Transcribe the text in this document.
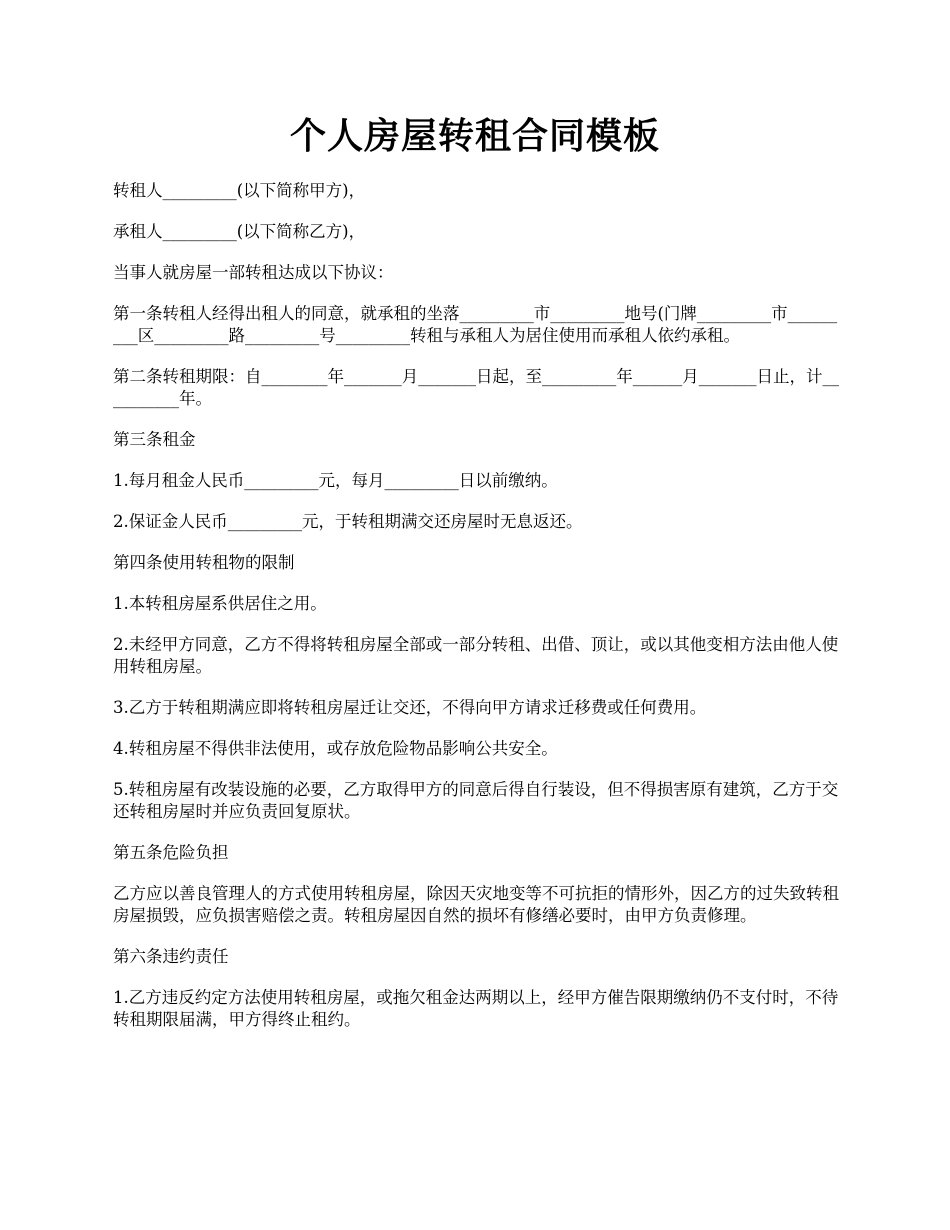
个人房屋转租合同模板

转租人_________(以下简称甲方)，

承租人_________(以下简称乙方)，

当事人就房屋一部转租达成以下协议：

第一条转租人经得出租人的同意，就承租的坐落_________市_________地号(门牌_________市_________区_________路_________号_________转租与承租人为居住使用而承租人依约承租。

第二条转租期限：自________年_______月_______日起，至_________年______月_______日止，计__________年。

第三条租金

1.每月租金人民币_________元，每月_________日以前缴纳。

2.保证金人民币_________元，于转租期满交还房屋时无息返还。

第四条使用转租物的限制

1.本转租房屋系供居住之用。

2.未经甲方同意，乙方不得将转租房屋全部或一部分转租、出借、顶让，或以其他变相方法由他人使用转租房屋。

3.乙方于转租期满应即将转租房屋迁让交还，不得向甲方请求迁移费或任何费用。

4.转租房屋不得供非法使用，或存放危险物品影响公共安全。

5.转租房屋有改装设施的必要，乙方取得甲方的同意后得自行装设，但不得损害原有建筑，乙方于交还转租房屋时并应负责回复原状。

第五条危险负担

乙方应以善良管理人的方式使用转租房屋，除因天灾地变等不可抗拒的情形外，因乙方的过失致转租房屋损毁，应负损害赔偿之责。转租房屋因自然的损坏有修缮必要时，由甲方负责修理。

第六条违约责任

1.乙方违反约定方法使用转租房屋，或拖欠租金达两期以上，经甲方催告限期缴纳仍不支付时，不待转租期限届满，甲方得终止租约。
